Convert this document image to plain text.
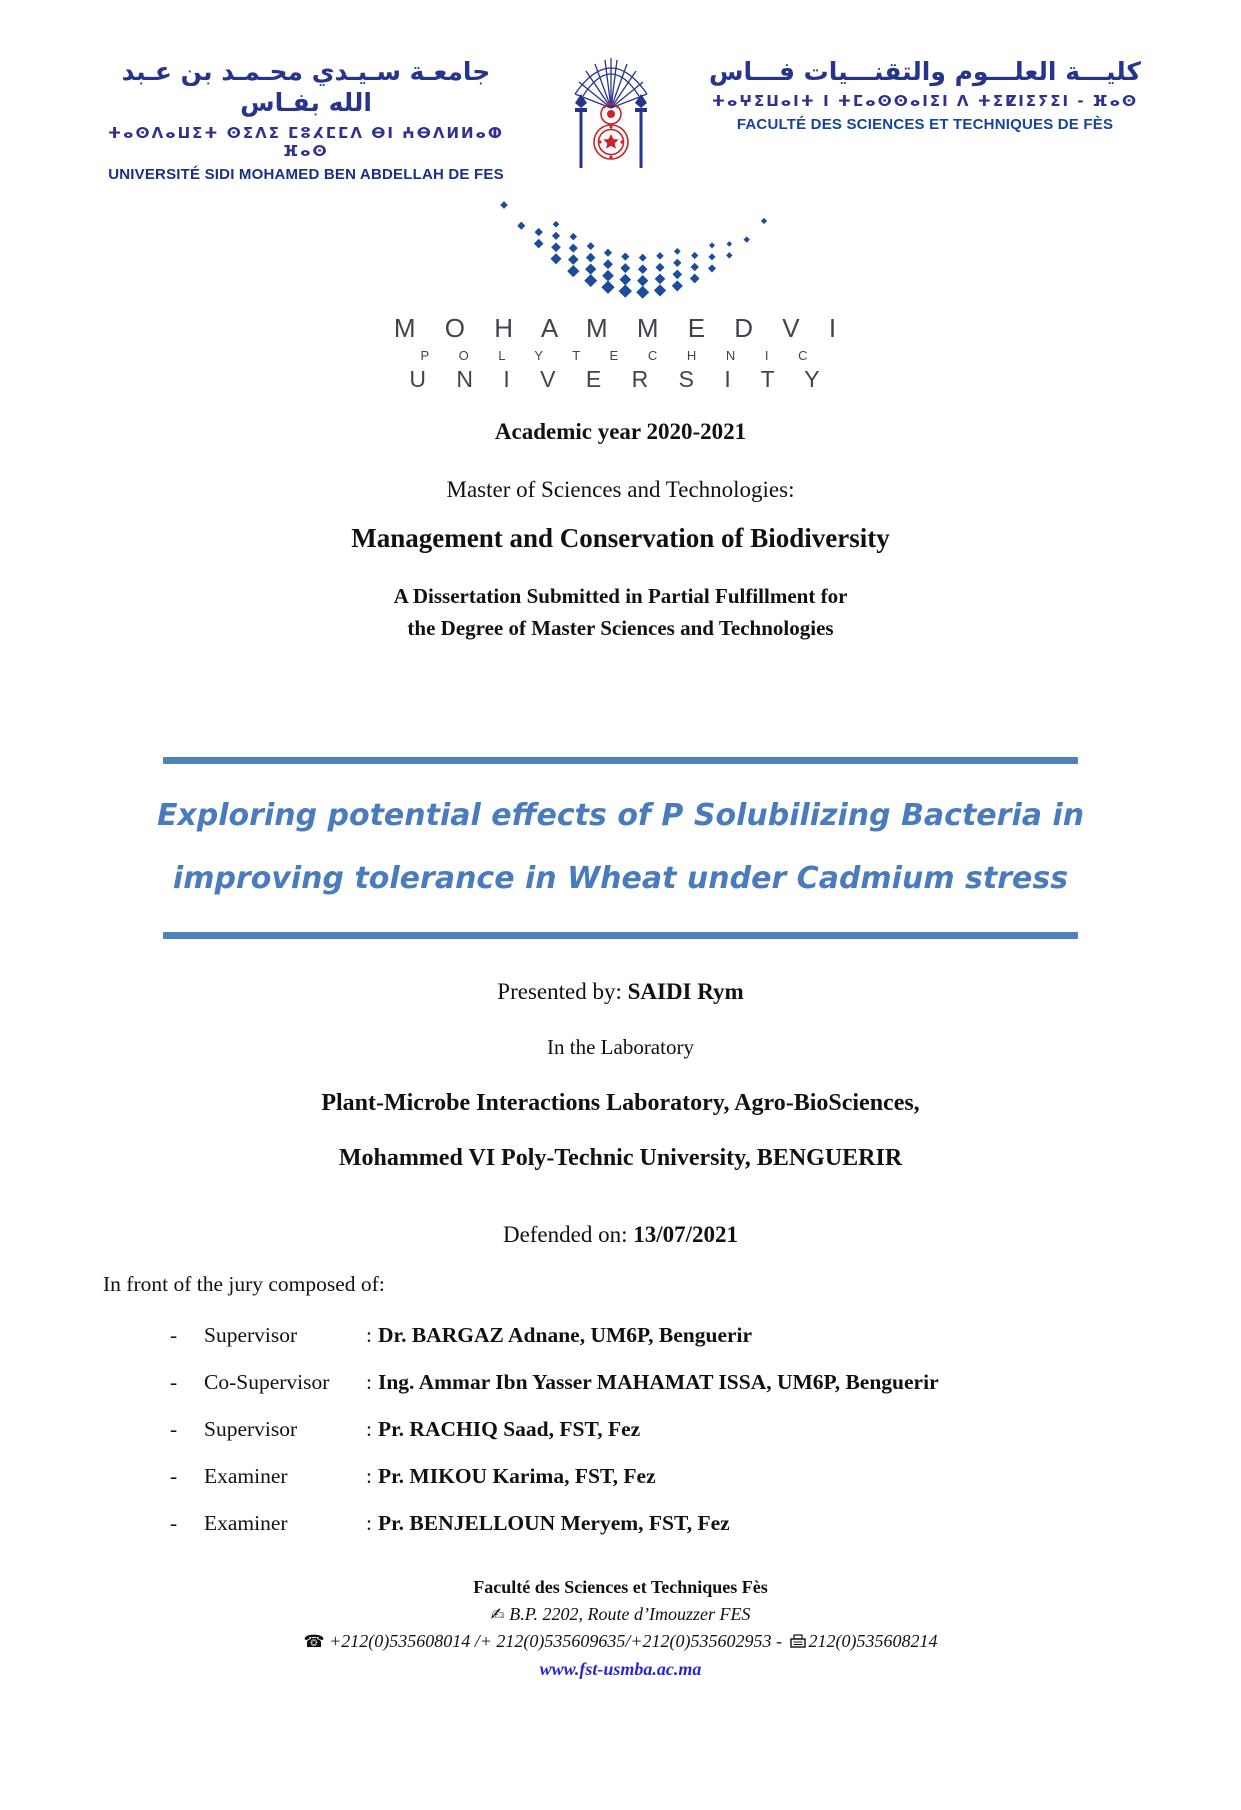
جامعـة سـيـدي محـمـد بن عـبد الله بفـاس
ⵜⴰⵙⴷⴰⵡⵉⵜ ⵙⵉⴷⵉ ⵎⵓⵃⵎⵎⴷ ⴱⵏ ⵄⴱⴷⵍⵍⴰⵀ ⴼⴰⵙ
UNIVERSITÉ SIDI MOHAMED BEN ABDELLAH DE FES
كليـــة العلـــوم والتقنـــيات فـــاس
ⵜⴰⵖⵉⵡⴰⵏⵜ ⵏ ⵜⵎⴰⵙⵙⴰⵏⵉⵏ ⴷ ⵜⵉⵇⵏⵉⵢⵉⵏ - ⴼⴰⵙ
FACULTÉ DES SCIENCES ET TECHNIQUES DE FÈS
M O H A M M E D V I
P O L Y T E C H N I C
U N I V E R S I T Y
Academic year 2020-2021
Master of Sciences and Technologies:
Management and Conservation of Biodiversity
A Dissertation Submitted in Partial Fulfillment for
the Degree of Master Sciences and Technologies
Exploring potential effects of P Solubilizing Bacteria in
improving tolerance in Wheat under Cadmium stress
Presented by: SAIDI Rym
In the Laboratory
Plant-Microbe Interactions Laboratory, Agro-BioSciences,
Mohammed VI Poly-Technic University, BENGUERIR
Defended on: 13/07/2021
In front of the jury composed of:
-	Supervisor	: Dr. BARGAZ Adnane, UM6P, Benguerir
-	Co-Supervisor	: Ing. Ammar Ibn Yasser MAHAMAT ISSA, UM6P, Benguerir
-	Supervisor	: Pr. RACHIQ Saad, FST, Fez
-	Examiner	: Pr. MIKOU Karima, FST, Fez
-	Examiner	: Pr. BENJELLOUN Meryem, FST, Fez
Faculté des Sciences et Techniques Fès
✍ B.P. 2202, Route d’Imouzzer FES
☎ +212(0)535608014 /+ 212(0)535609635/+212(0)535602953 - 212(0)535608214
www.fst-usmba.ac.ma
